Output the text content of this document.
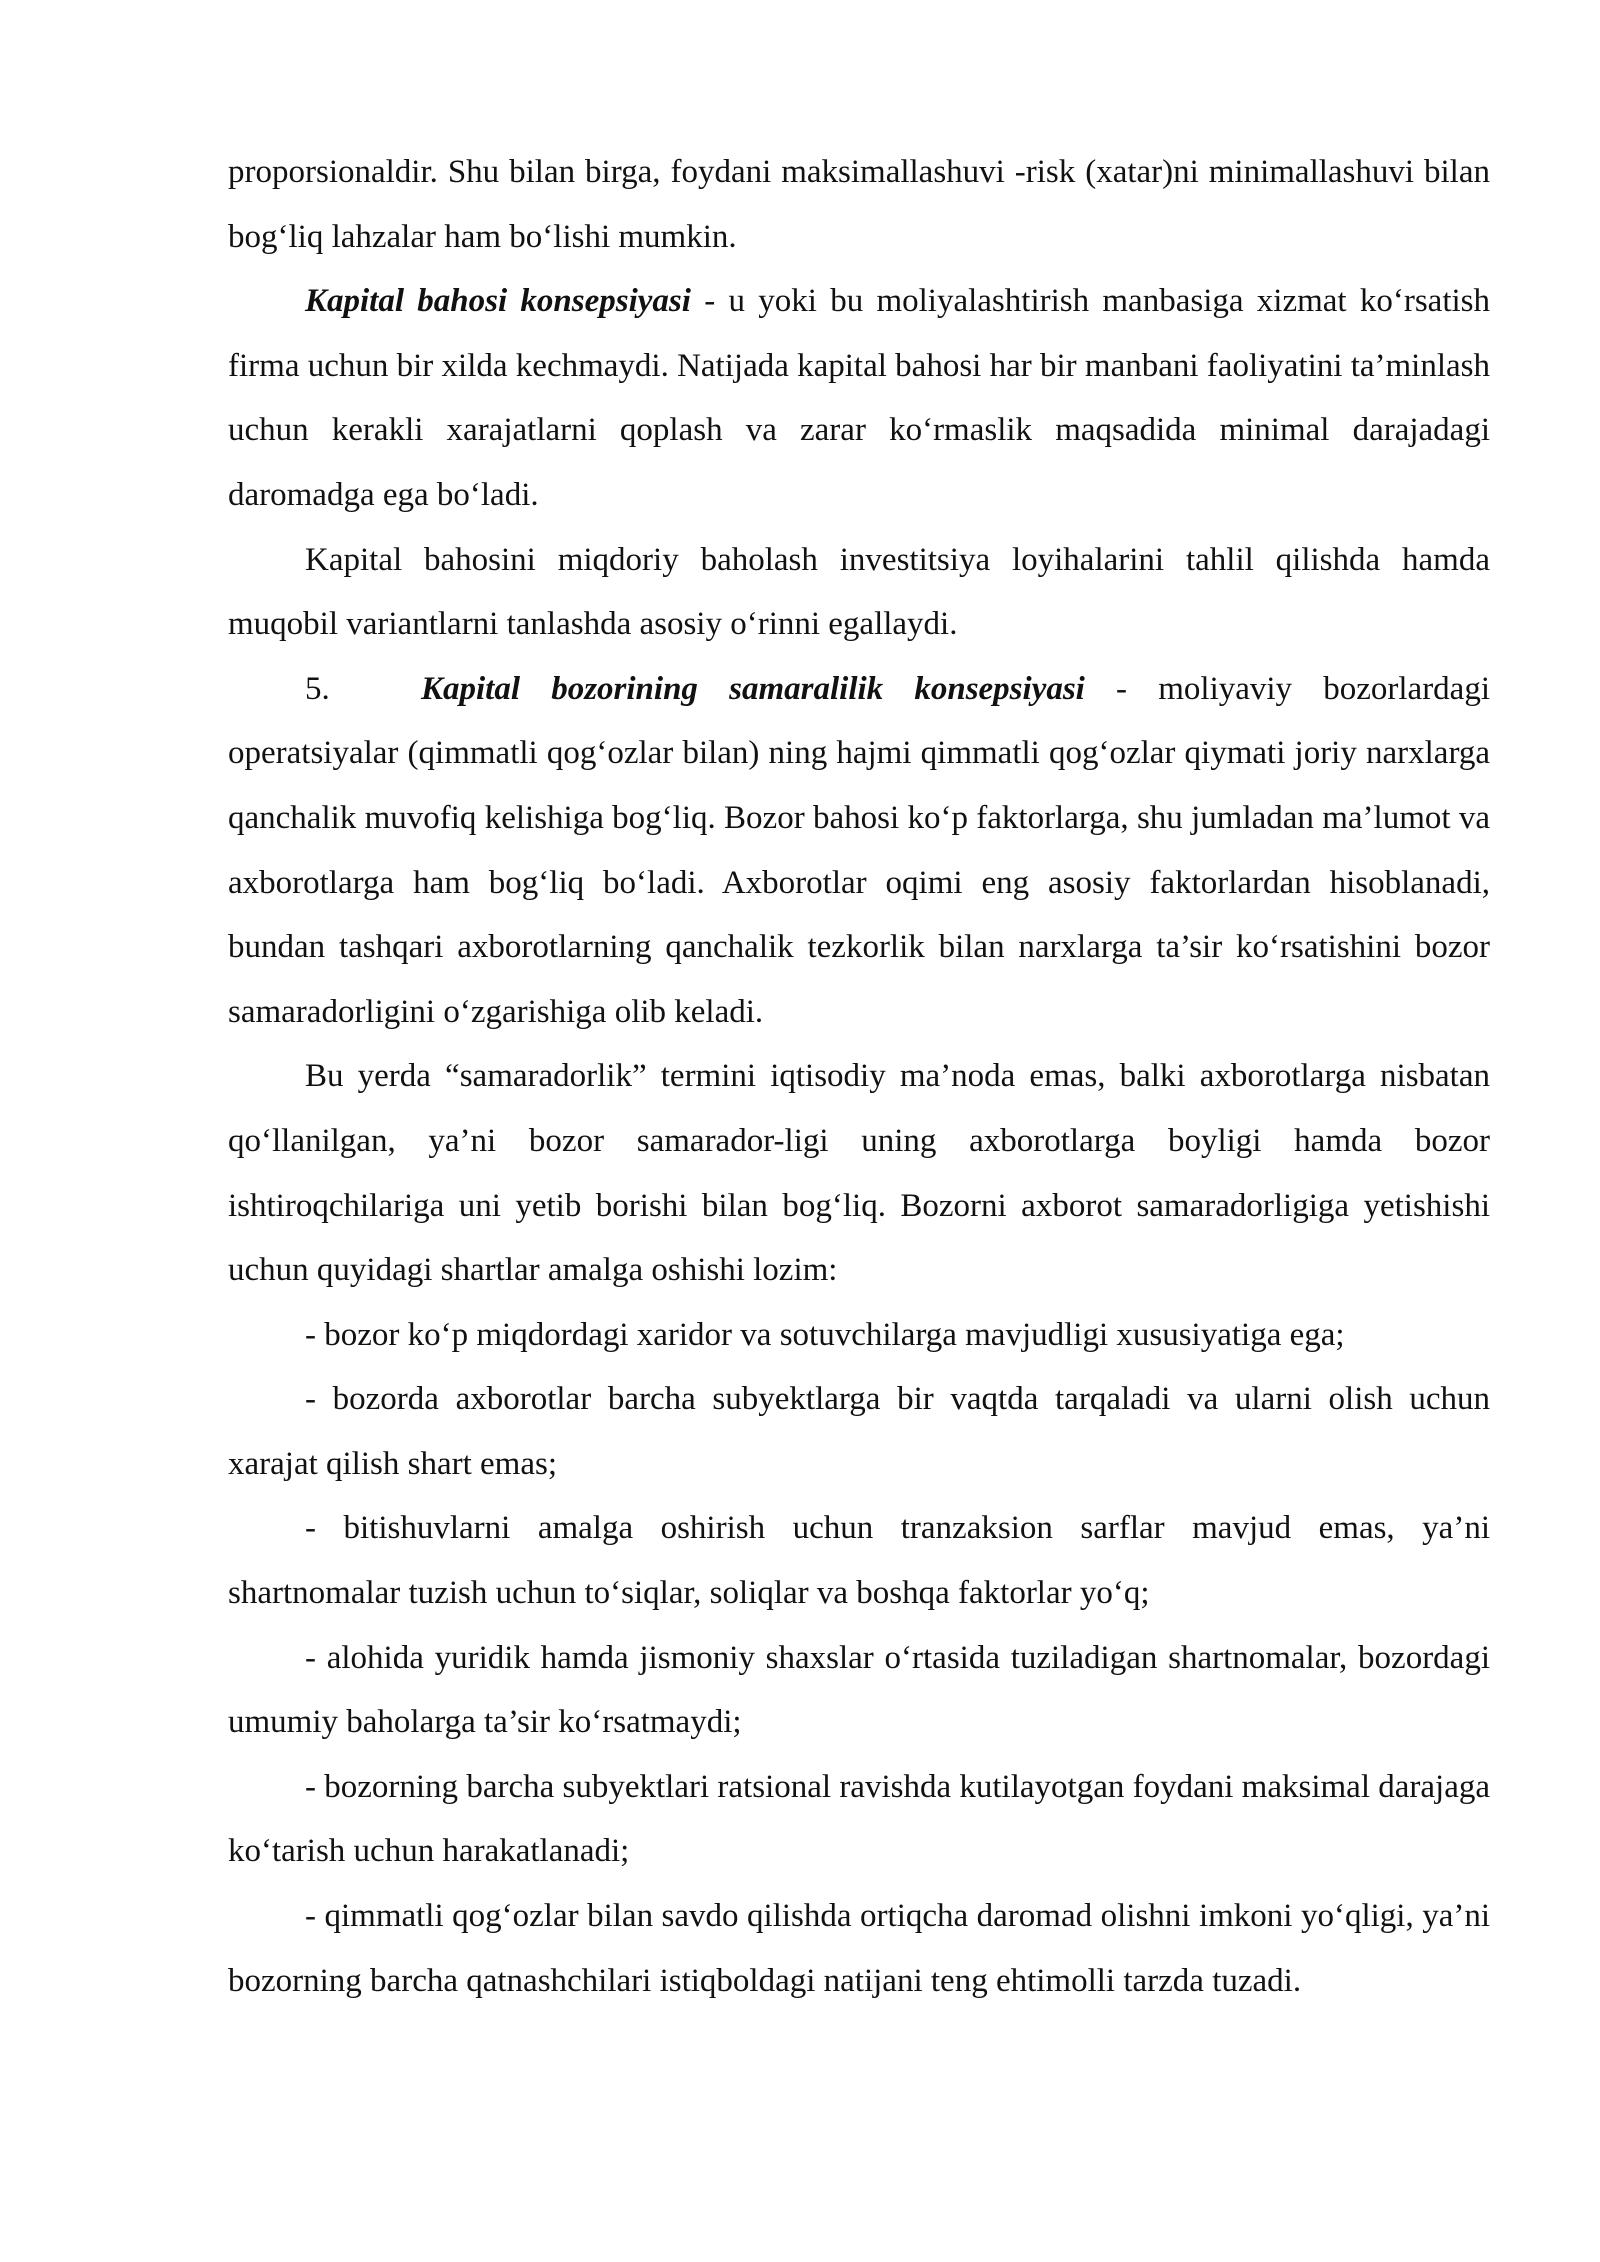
proporsionaldir. Shu bilan birga, foydani maksimallashuvi -risk (xatar)ni minimallashuvi bilan bog‘liq lahzalar ham bo‘lishi mumkin.

Kapital bahosi konsepsiyasi - u yoki bu moliyalashtirish manbasiga xizmat ko‘rsatish firma uchun bir xilda kechmaydi. Natijada kapital bahosi har bir manbani faoliyatini ta’minlash uchun kerakli xarajatlarni qoplash va zarar ko‘rmaslik maqsadida minimal darajadagi daromadga ega bo‘ladi.

Kapital bahosini miqdoriy baholash investitsiya loyihalarini tahlil qilishda hamda muqobil variantlarni tanlashda asosiy o‘rinni egallaydi.

5.	Kapital bozorining samaralilik konsepsiyasi - moliyaviy bozorlardagi operatsiyalar (qimmatli qog‘ozlar bilan) ning hajmi qimmatli qog‘ozlar qiymati joriy narxlarga qanchalik muvofiq kelishiga bog‘liq. Bozor bahosi ko‘p faktorlarga, shu jumladan ma’lumot va axborotlarga ham bog‘liq bo‘ladi. Axborotlar oqimi eng asosiy faktorlardan hisoblanadi, bundan tashqari axborotlarning qanchalik tezkorlik bilan narxlarga ta’sir ko‘rsatishini bozor samaradorligini o‘zgarishiga olib keladi.

Bu yerda “samaradorlik” termini iqtisodiy ma’noda emas, balki axborotlarga nisbatan qo‘llanilgan, ya’ni bozor samarador-ligi uning axborotlarga boyligi hamda bozor ishtiroqchilariga uni yetib borishi bilan bog‘liq. Bozorni axborot samaradorligiga yetishishi uchun quyidagi shartlar amalga oshishi lozim:

- bozor ko‘p miqdordagi xaridor va sotuvchilarga mavjudligi xususiyatiga ega;

- bozorda axborotlar barcha subyektlarga bir vaqtda tarqaladi va ularni olish uchun xarajat qilish shart emas;

- bitishuvlarni amalga oshirish uchun tranzaksion sarflar mavjud emas, ya’ni shartnomalar tuzish uchun to‘siqlar, soliqlar va boshqa faktorlar yo‘q;

- alohida yuridik hamda jismoniy shaxslar o‘rtasida tuziladigan shartnomalar, bozordagi umumiy baholarga ta’sir ko‘rsatmaydi;

- bozorning barcha subyektlari ratsional ravishda kutilayotgan foydani maksimal darajaga ko‘tarish uchun harakatlanadi;

- qimmatli qog‘ozlar bilan savdo qilishda ortiqcha daromad olishni imkoni yo‘qligi, ya’ni bozorning barcha qatnashchilari istiqboldagi natijani teng ehtimolli tarzda tuzadi.
